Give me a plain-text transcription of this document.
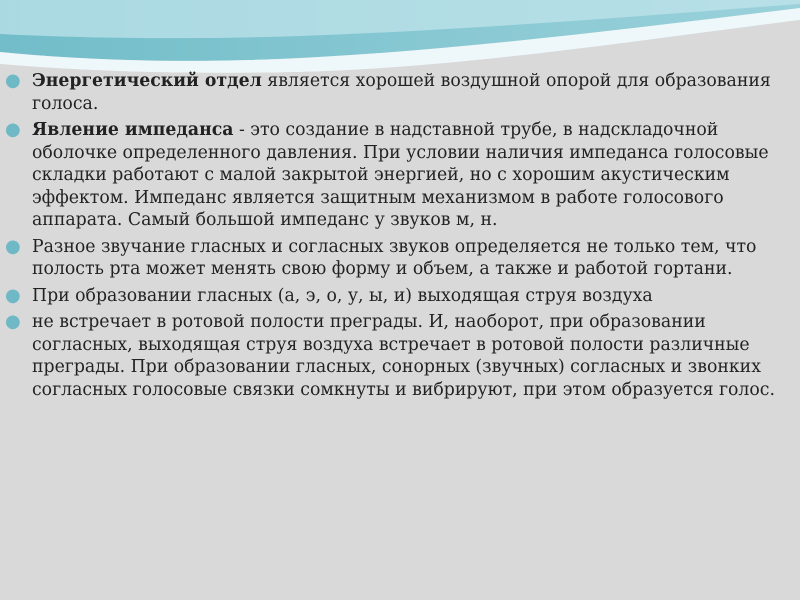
● Энергетический отдел является хорошей воздушной опорой для образования голоса.
● Явление импеданса - это создание в надставной трубе, в надскладочной оболочке определенного давления. При условии наличия импеданса голосовые складки работают с малой закрытой энергией, но с хорошим акустическим эффектом. Импеданс является защитным механизмом в работе голосового аппарата. Самый большой импеданс у звуков м, н.
● Разное звучание гласных и согласных звуков определяется не только тем, что полость рта может менять свою форму и объем, а также и работой гортани.
● При образовании гласных (а, э, о, у, ы, и) выходящая струя воздуха
● не встречает в ротовой полости преграды. И, наоборот, при образовании согласных, выходящая струя воздуха встречает в ротовой полости различные преграды. При образовании гласных, сонорных (звучных) согласных и звонких согласных голосовые связки сомкнуты и вибрируют, при этом образуется голос.
